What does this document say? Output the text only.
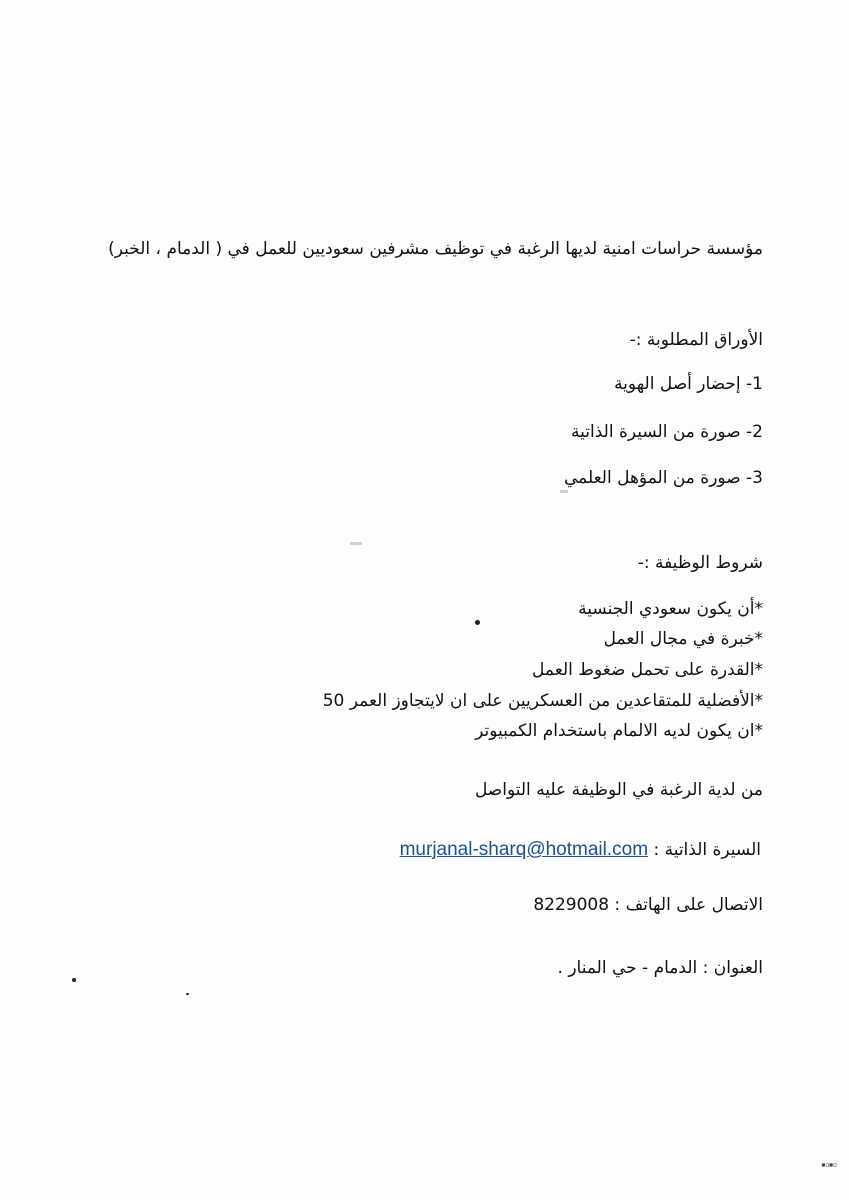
مؤسسة حراسات امنية لديها الرغبة في توظيف مشرفين سعوديين للعمل في ( الدمام ، الخبر)
الأوراق المطلوبة :-
1- إحضار أصل الهوية
2- صورة من السيرة الذاتية
3- صورة من المؤهل العلمي
شروط الوظيفة :-
*أن يكون سعودي الجنسية
*خبرة في مجال العمل
*القدرة على تحمل ضغوط العمل
*الأفضلية للمتقاعدين من العسكريين على ان لايتجاوز العمر 50
*ان يكون لديه الالمام باستخدام الكمبيوتر
من لدية الرغبة في الوظيفة عليه التواصل
السيرة الذاتية : murjanal-sharq@hotmail.com
الاتصال على الهاتف : 8229008
العنوان : الدمام - حي المنار .
▪▫▪▫
